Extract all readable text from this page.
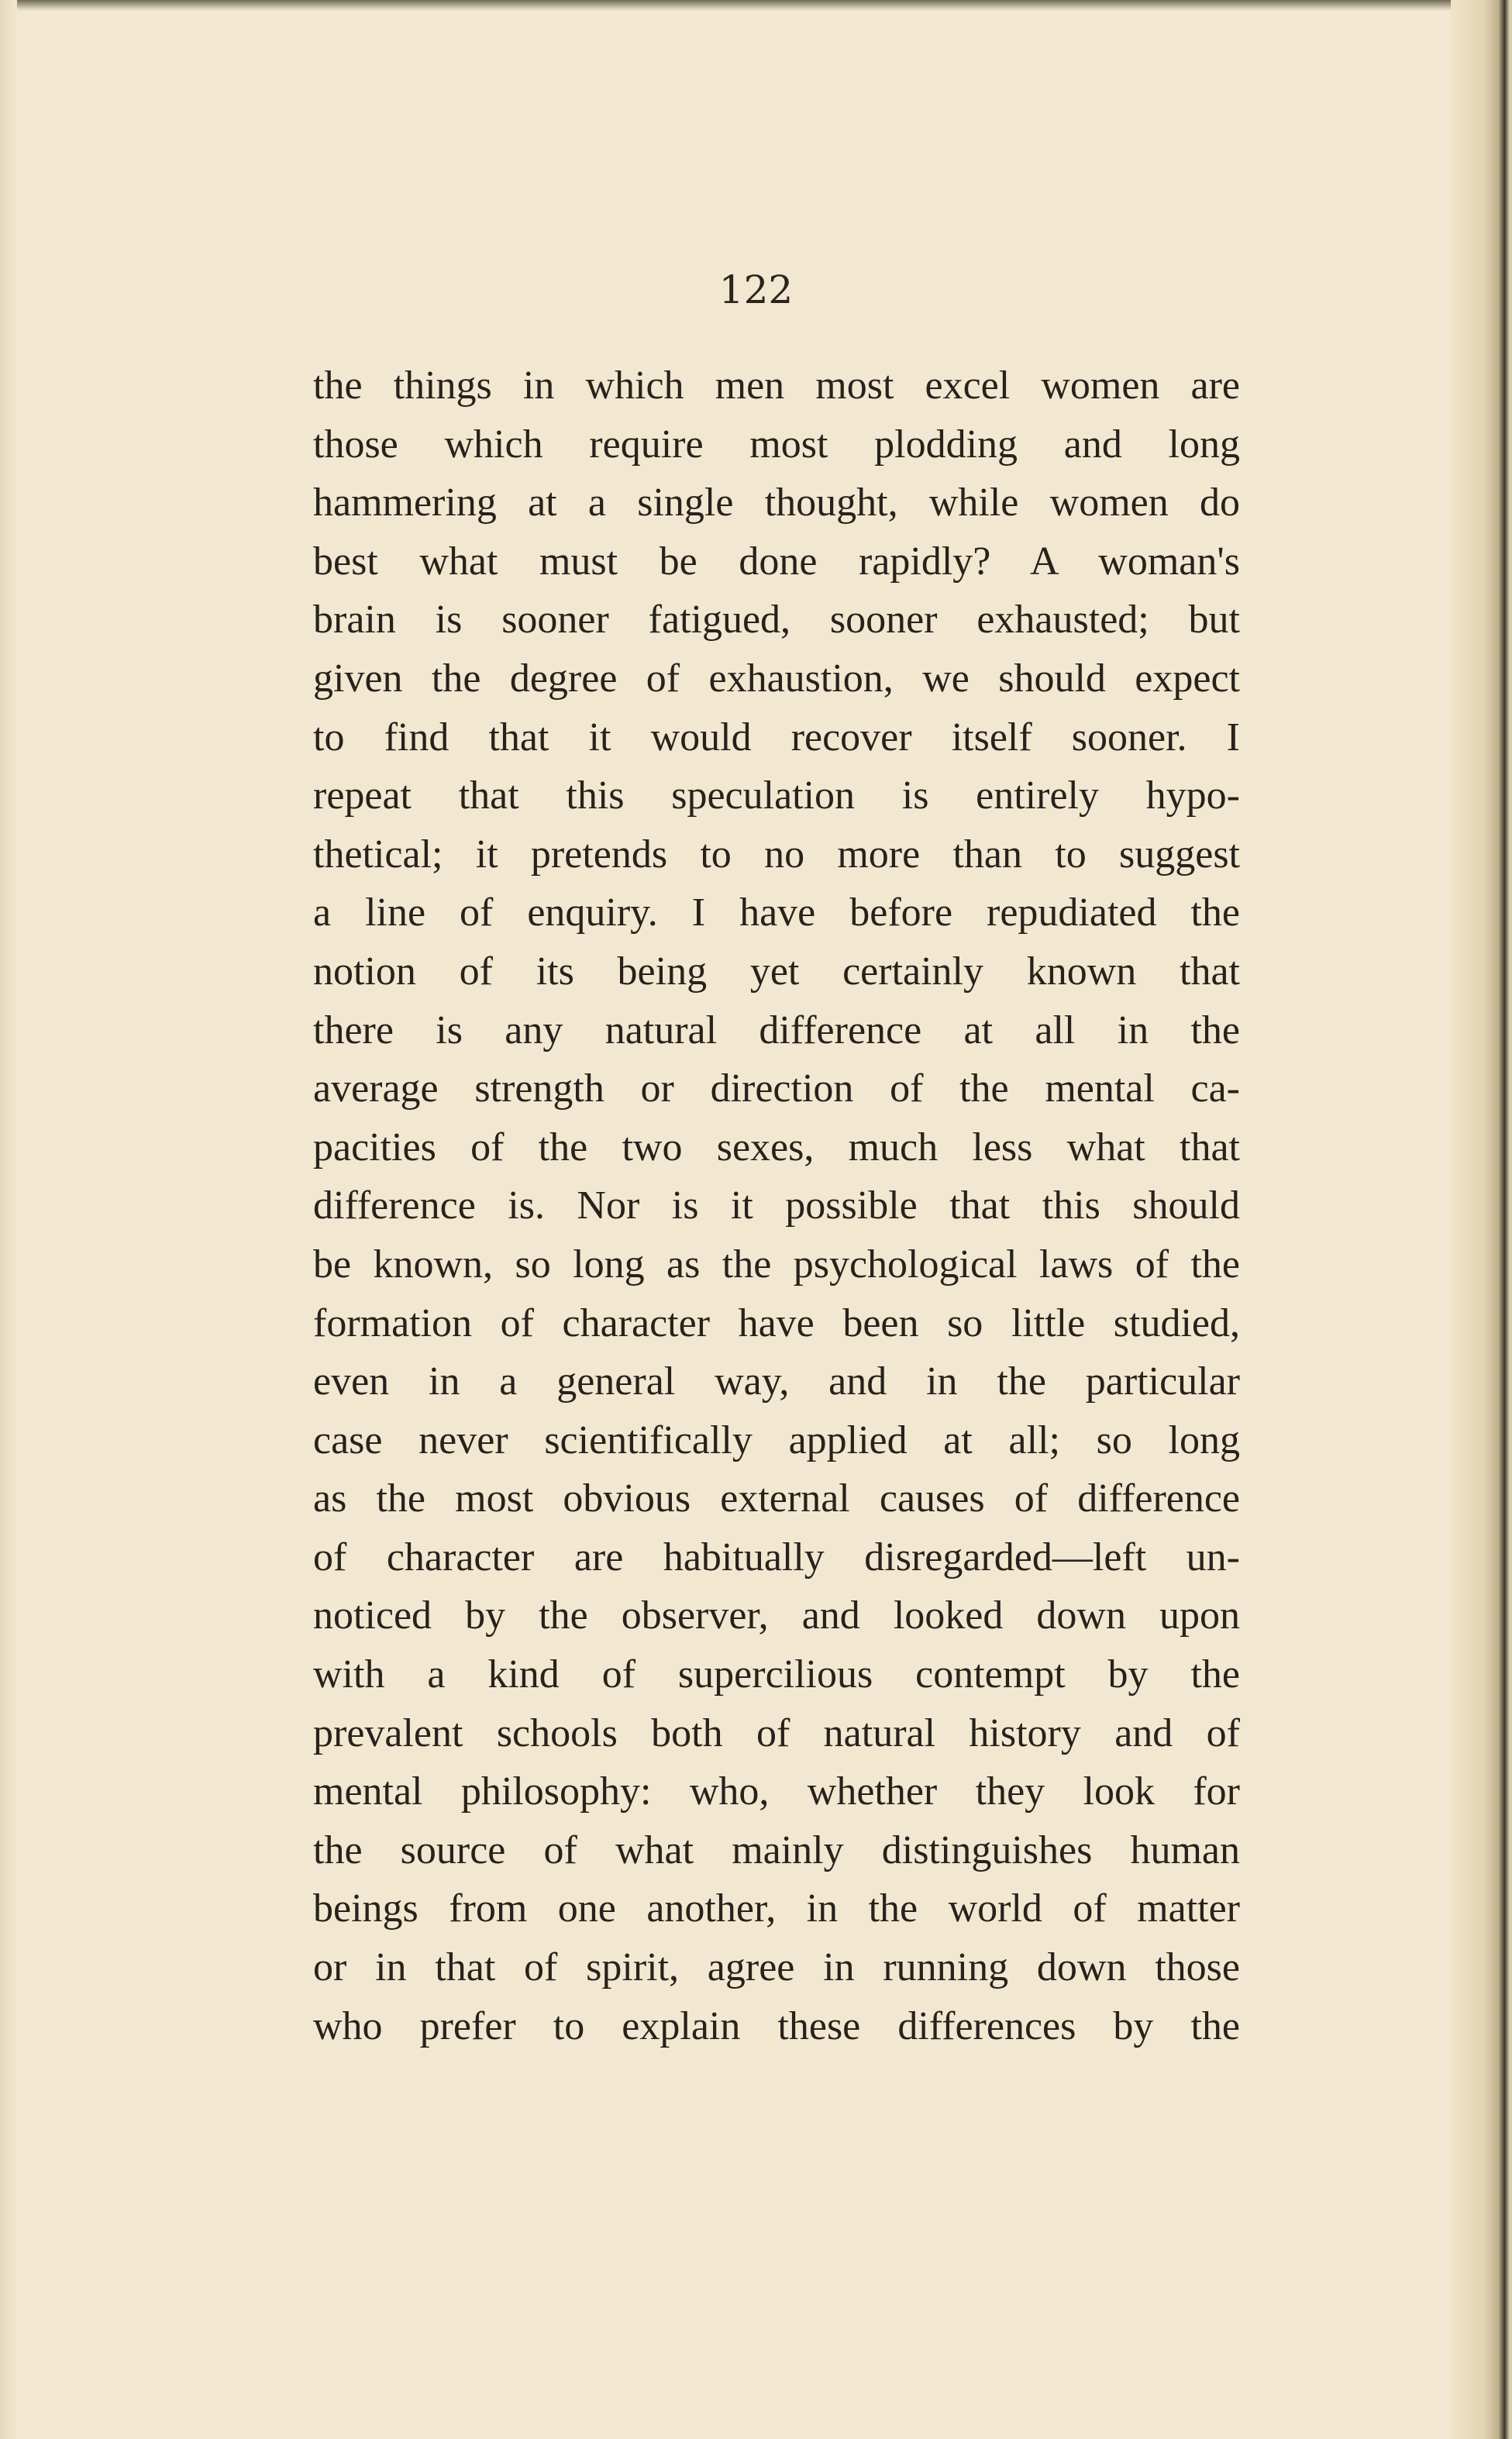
122

the things in which men most excel women are
those which require most plodding and long
hammering at a single thought, while women do
best what must be done rapidly? A woman's
brain is sooner fatigued, sooner exhausted; but
given the degree of exhaustion, we should expect
to find that it would recover itself sooner. I
repeat that this speculation is entirely hypo-
thetical; it pretends to no more than to suggest
a line of enquiry. I have before repudiated the
notion of its being yet certainly known that
there is any natural difference at all in the
average strength or direction of the mental ca-
pacities of the two sexes, much less what that
difference is. Nor is it possible that this should
be known, so long as the psychological laws of the
formation of character have been so little studied,
even in a general way, and in the particular
case never scientifically applied at all; so long
as the most obvious external causes of difference
of character are habitually disregarded—left un-
noticed by the observer, and looked down upon
with a kind of supercilious contempt by the
prevalent schools both of natural history and of
mental philosophy: who, whether they look for
the source of what mainly distinguishes human
beings from one another, in the world of matter
or in that of spirit, agree in running down those
who prefer to explain these differences by the
